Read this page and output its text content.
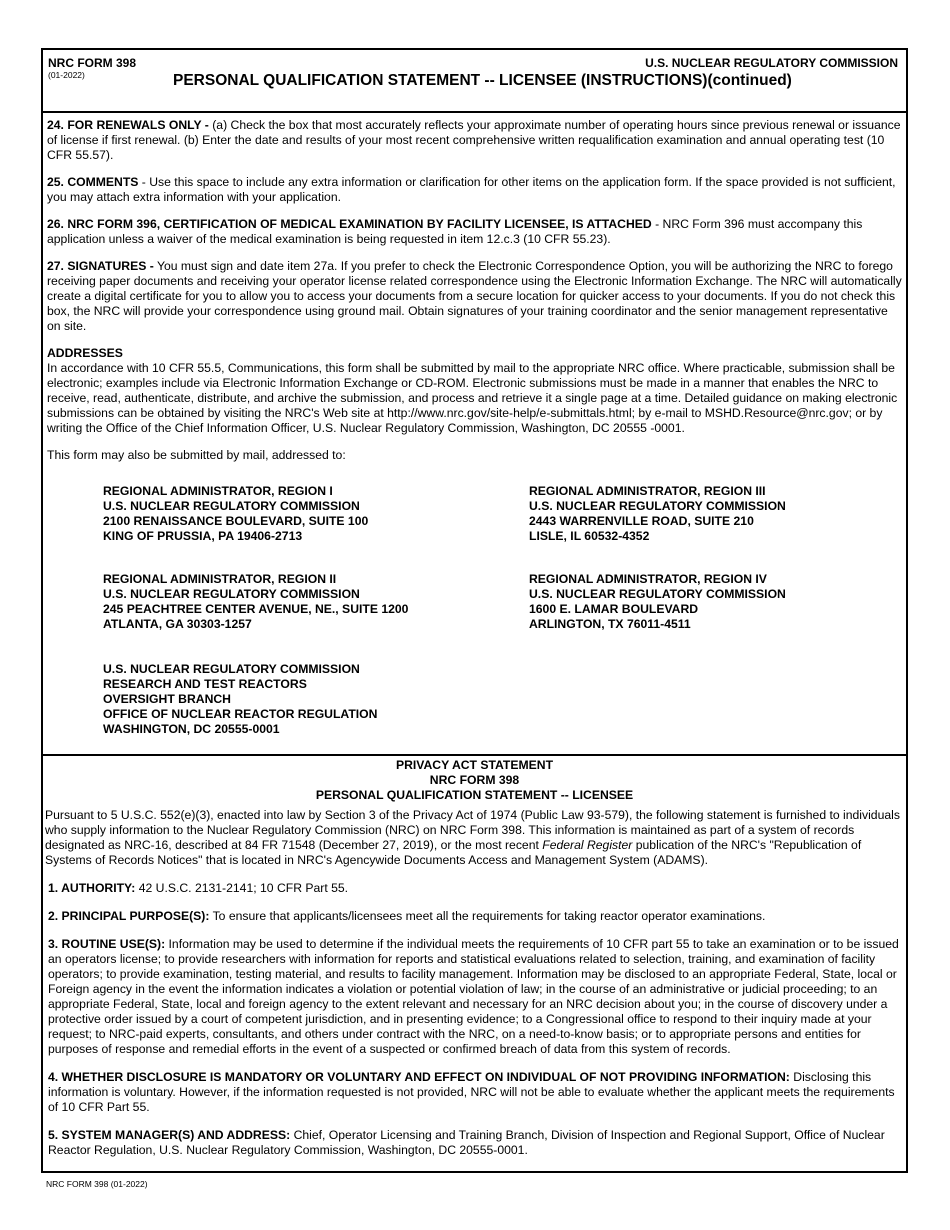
NRC FORM 398
(01-2022)
U.S. NUCLEAR REGULATORY COMMISSION
PERSONAL QUALIFICATION STATEMENT -- LICENSEE (INSTRUCTIONS)(continued)

24. FOR RENEWALS ONLY - (a) Check the box that most accurately reflects your approximate number of operating hours since previous renewal or issuance of license if first renewal. (b) Enter the date and results of your most recent comprehensive written requalification examination and annual operating test (10 CFR 55.57).

25. COMMENTS - Use this space to include any extra information or clarification for other items on the application form. If the space provided is not sufficient, you may attach extra information with your application.

26. NRC FORM 396, CERTIFICATION OF MEDICAL EXAMINATION BY FACILITY LICENSEE, IS ATTACHED - NRC Form 396 must accompany this application unless a waiver of the medical examination is being requested in item 12.c.3 (10 CFR 55.23).

27. SIGNATURES - You must sign and date item 27a. If you prefer to check the Electronic Correspondence Option, you will be authorizing the NRC to forego receiving paper documents and receiving your operator license related correspondence using the Electronic Information Exchange. The NRC will automatically create a digital certificate for you to allow you to access your documents from a secure location for quicker access to your documents. If you do not check this box, the NRC will provide your correspondence using ground mail. Obtain signatures of your training coordinator and the senior management representative on site.

ADDRESSES

In accordance with 10 CFR 55.5, Communications, this form shall be submitted by mail to the appropriate NRC office. Where practicable, submission shall be electronic; examples include via Electronic Information Exchange or CD-ROM. Electronic submissions must be made in a manner that enables the NRC to receive, read, authenticate, distribute, and archive the submission, and process and retrieve it a single page at a time. Detailed guidance on making electronic submissions can be obtained by visiting the NRC's Web site at http://www.nrc.gov/site-help/e-submittals.html; by e-mail to MSHD.Resource@nrc.gov; or by writing the Office of the Chief Information Officer, U.S. Nuclear Regulatory Commission, Washington, DC 20555 -0001.

This form may also be submitted by mail, addressed to:

REGIONAL ADMINISTRATOR, REGION I
U.S. NUCLEAR REGULATORY COMMISSION
2100 RENAISSANCE BOULEVARD, SUITE 100
KING OF PRUSSIA, PA 19406-2713
REGIONAL ADMINISTRATOR, REGION III
U.S. NUCLEAR REGULATORY COMMISSION
2443 WARRENVILLE ROAD, SUITE 210
LISLE, IL 60532-4352
REGIONAL ADMINISTRATOR, REGION II
U.S. NUCLEAR REGULATORY COMMISSION
245 PEACHTREE CENTER AVENUE, NE., SUITE 1200
ATLANTA, GA 30303-1257
REGIONAL ADMINISTRATOR, REGION IV
U.S. NUCLEAR REGULATORY COMMISSION
1600 E. LAMAR BOULEVARD
ARLINGTON, TX 76011-4511
U.S. NUCLEAR REGULATORY COMMISSION
RESEARCH AND TEST REACTORS
OVERSIGHT BRANCH
OFFICE OF NUCLEAR REACTOR REGULATION
WASHINGTON, DC 20555-0001
PRIVACY ACT STATEMENT
NRC FORM 398
PERSONAL QUALIFICATION STATEMENT -- LICENSEE

Pursuant to 5 U.S.C. 552(e)(3), enacted into law by Section 3 of the Privacy Act of 1974 (Public Law 93-579), the following statement is furnished to individuals who supply information to the Nuclear Regulatory Commission (NRC) on NRC Form 398. This information is maintained as part of a system of records designated as NRC-16, described at 84 FR 71548 (December 27, 2019), or the most recent Federal Register publication of the NRC's "Republication of Systems of Records Notices" that is located in NRC's Agencywide Documents Access and Management System (ADAMS).

1. AUTHORITY: 42 U.S.C. 2131-2141; 10 CFR Part 55.

2. PRINCIPAL PURPOSE(S): To ensure that applicants/licensees meet all the requirements for taking reactor operator examinations.

3. ROUTINE USE(S): Information may be used to determine if the individual meets the requirements of 10 CFR part 55 to take an examination or to be issued an operators license; to provide researchers with information for reports and statistical evaluations related to selection, training, and examination of facility operators; to provide examination, testing material, and results to facility management. Information may be disclosed to an appropriate Federal, State, local or Foreign agency in the event the information indicates a violation or potential violation of law; in the course of an administrative or judicial proceeding; to an appropriate Federal, State, local and foreign agency to the extent relevant and necessary for an NRC decision about you; in the course of discovery under a protective order issued by a court of competent jurisdiction, and in presenting evidence; to a Congressional office to respond to their inquiry made at your request; to NRC-paid experts, consultants, and others under contract with the NRC, on a need-to-know basis; or to appropriate persons and entities for purposes of response and remedial efforts in the event of a suspected or confirmed breach of data from this system of records.

4. WHETHER DISCLOSURE IS MANDATORY OR VOLUNTARY AND EFFECT ON INDIVIDUAL OF NOT PROVIDING INFORMATION: Disclosing this information is voluntary. However, if the information requested is not provided, NRC will not be able to evaluate whether the applicant meets the requirements of 10 CFR Part 55.

5. SYSTEM MANAGER(S) AND ADDRESS: Chief, Operator Licensing and Training Branch, Division of Inspection and Regional Support, Office of Nuclear Reactor Regulation, U.S. Nuclear Regulatory Commission, Washington, DC 20555-0001.

NRC FORM 398 (01-2022)
